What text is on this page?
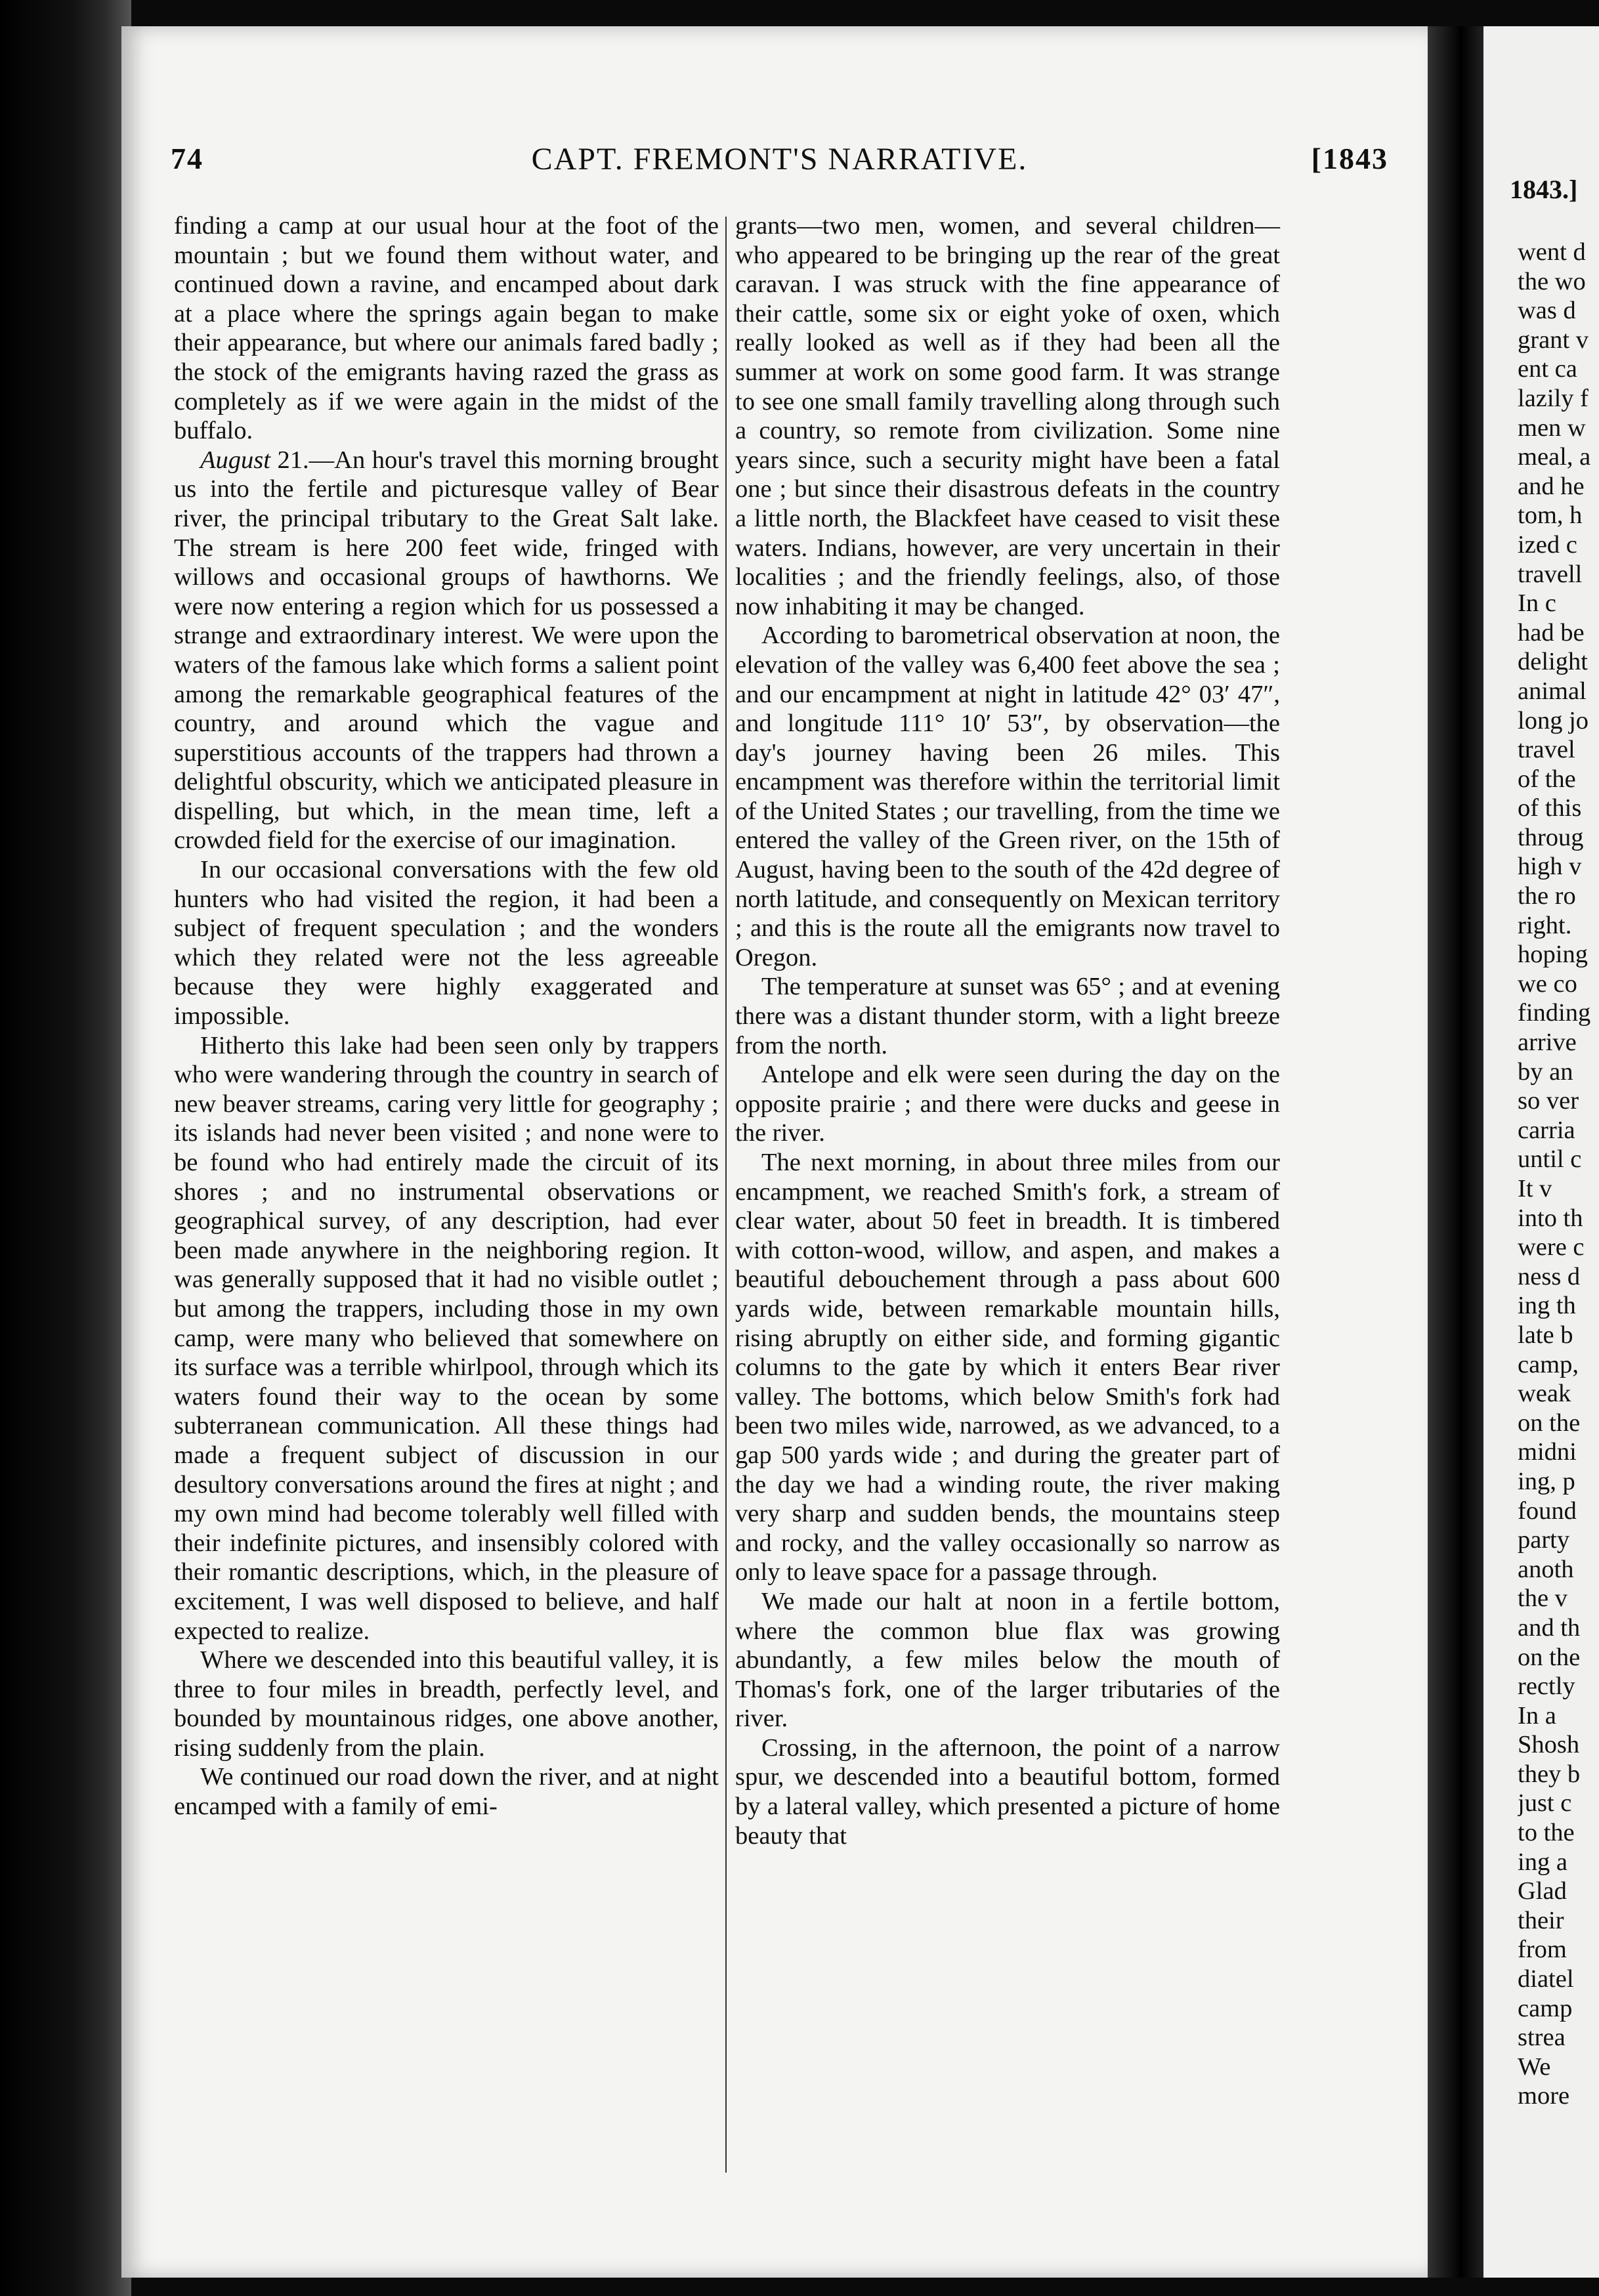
74	CAPT. FREMONT'S NARRATIVE.	[1843

finding a camp at our usual hour at the foot of the mountain ; but we found them without water, and continued down a ravine, and encamped about dark at a place where the springs again began to make their appearance, but where our animals fared badly ; the stock of the emigrants having razed the grass as completely as if we were again in the midst of the buffalo.

August 21.—An hour's travel this morning brought us into the fertile and picturesque valley of Bear river, the principal tributary to the Great Salt lake. The stream is here 200 feet wide, fringed with willows and occasional groups of hawthorns. We were now entering a region which for us possessed a strange and extraordinary interest. We were upon the waters of the famous lake which forms a salient point among the remarkable geographical features of the country, and around which the vague and superstitious accounts of the trappers had thrown a delightful obscurity, which we anticipated pleasure in dispelling, but which, in the mean time, left a crowded field for the exercise of our imagination.

In our occasional conversations with the few old hunters who had visited the region, it had been a subject of frequent speculation ; and the wonders which they related were not the less agreeable because they were highly exaggerated and impossible.

Hitherto this lake had been seen only by trappers who were wandering through the country in search of new beaver streams, caring very little for geography ; its islands had never been visited ; and none were to be found who had entirely made the circuit of its shores ; and no instrumental observations or geographical survey, of any description, had ever been made anywhere in the neighboring region. It was generally supposed that it had no visible outlet ; but among the trappers, including those in my own camp, were many who believed that somewhere on its surface was a terrible whirlpool, through which its waters found their way to the ocean by some subterranean communication. All these things had made a frequent subject of discussion in our desultory conversations around the fires at night ; and my own mind had become tolerably well filled with their indefinite pictures, and insensibly colored with their romantic descriptions, which, in the pleasure of excitement, I was well disposed to believe, and half expected to realize.

Where we descended into this beautiful valley, it is three to four miles in breadth, perfectly level, and bounded by mountainous ridges, one above another, rising suddenly from the plain.

We continued our road down the river, and at night encamped with a family of emi-

grants—two men, women, and several children—who appeared to be bringing up the rear of the great caravan. I was struck with the fine appearance of their cattle, some six or eight yoke of oxen, which really looked as well as if they had been all the summer at work on some good farm. It was strange to see one small family travelling along through such a country, so remote from civilization. Some nine years since, such a security might have been a fatal one ; but since their disastrous defeats in the country a little north, the Blackfeet have ceased to visit these waters. Indians, however, are very uncertain in their localities ; and the friendly feelings, also, of those now inhabiting it may be changed.

According to barometrical observation at noon, the elevation of the valley was 6,400 feet above the sea ; and our encampment at night in latitude 42° 03′ 47″, and longitude 111° 10′ 53″, by observation—the day's journey having been 26 miles. This encampment was therefore within the territorial limit of the United States ; our travelling, from the time we entered the valley of the Green river, on the 15th of August, having been to the south of the 42d degree of north latitude, and consequently on Mexican territory ; and this is the route all the emigrants now travel to Oregon.

The temperature at sunset was 65° ; and at evening there was a distant thunder storm, with a light breeze from the north.

Antelope and elk were seen during the day on the opposite prairie ; and there were ducks and geese in the river.

The next morning, in about three miles from our encampment, we reached Smith's fork, a stream of clear water, about 50 feet in breadth. It is timbered with cotton-wood, willow, and aspen, and makes a beautiful debouchement through a pass about 600 yards wide, between remarkable mountain hills, rising abruptly on either side, and forming gigantic columns to the gate by which it enters Bear river valley. The bottoms, which below Smith's fork had been two miles wide, narrowed, as we advanced, to a gap 500 yards wide ; and during the greater part of the day we had a winding route, the river making very sharp and sudden bends, the mountains steep and rocky, and the valley occasionally so narrow as only to leave space for a passage through.

We made our halt at noon in a fertile bottom, where the common blue flax was growing abundantly, a few miles below the mouth of Thomas's fork, one of the larger tributaries of the river.

Crossing, in the afternoon, the point of a narrow spur, we descended into a beautiful bottom, formed by a lateral valley, which presented a picture of home beauty that

1843.]
went d
the wo
was d
grant v
ent ca
lazily f
men w
meal, a
and he
tom, h
ized c
travell
In c
had be
delight
animal
long jo
travel
of the
of this
throug
high v
the ro
right.
hoping
we co
finding
arrive
by an
so ver
carria
until c
It v
into th
were c
ness d
ing th
late b
camp,
weak
on the
midni
ing, p
found
party
anoth
the v
and th
on the
rectly
In a
Shosh
they b
just c
to the
ing a
Glad
their
from
diatel
camp
strea
We
more
